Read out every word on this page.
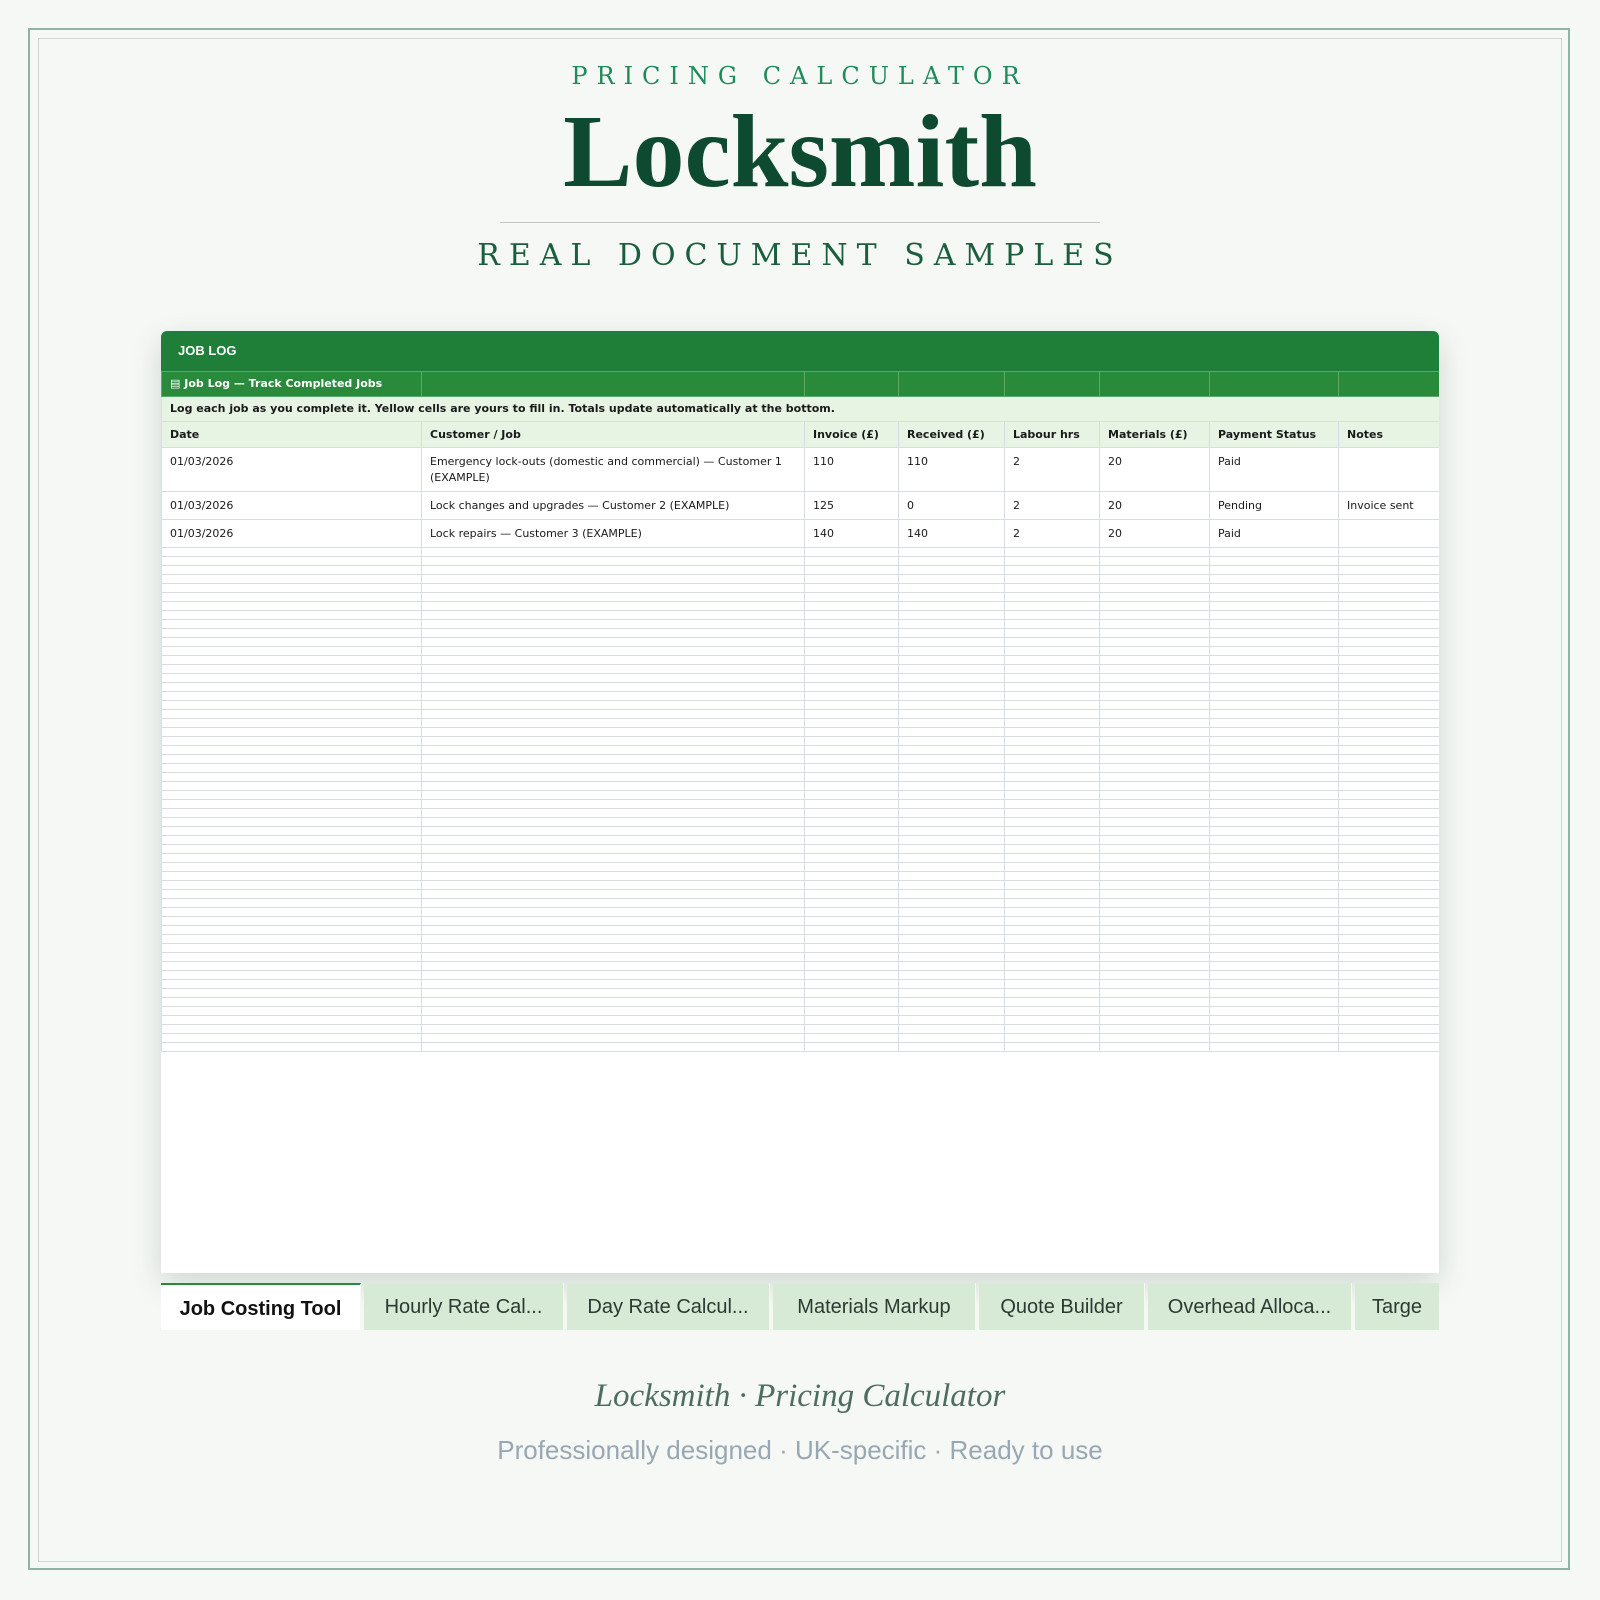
PRICING CALCULATOR
Locksmith
REAL DOCUMENT SAMPLES
JOB LOG
▤ Job Log — Track Completed Jobs							
Log each job as you complete it. Yellow cells are yours to fill in. Totals update automatically at the bottom.							
Date	Customer / Job	Invoice (£)	Received (£)	Labour hrs	Materials (£)	Payment Status	Notes
01/03/2026	Emergency lock-outs (domestic and commercial) — Customer 1 (EXAMPLE)	110	110	2	20	Paid	
01/03/2026	Lock changes and upgrades — Customer 2 (EXAMPLE)	125	0	2	20	Pending	Invoice sent
01/03/2026	Lock repairs — Customer 3 (EXAMPLE)	140	140	2	20	Paid	

Job Costing Tool	Hourly Rate Cal...	Day Rate Calcul...	Materials Markup	Quote Builder	Overhead Alloca...	Targe
Locksmith · Pricing Calculator
Professionally designed · UK-specific · Ready to use
